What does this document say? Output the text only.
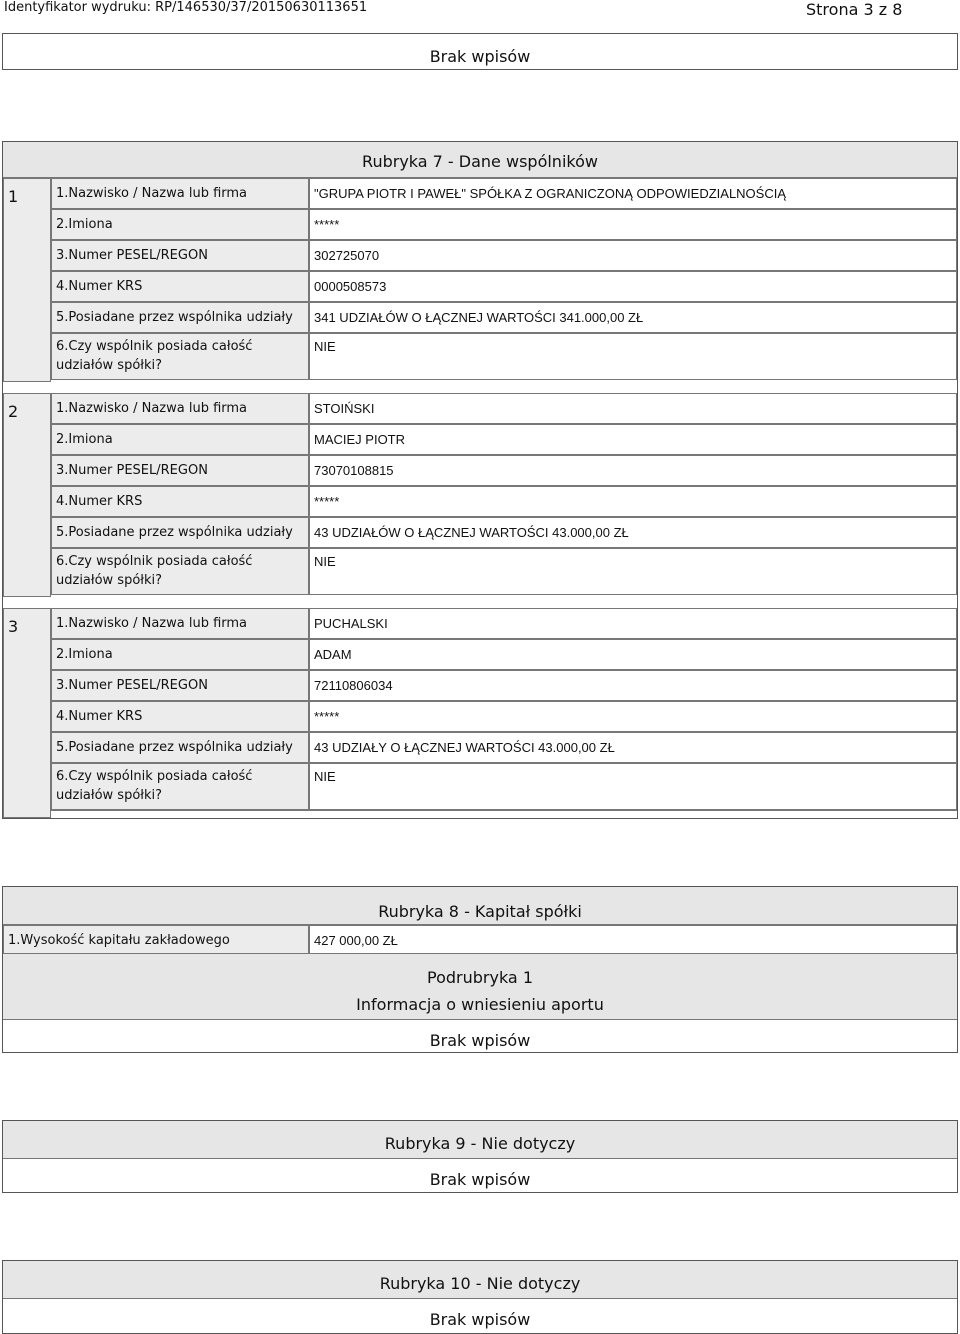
Identyfikator wydruku: RP/146530/37/20150630113651	Strona 3 z 8
Brak wpisów
Rubryka 7 - Dane wspólników
1	1.Nazwisko / Nazwa lub firma	"GRUPA PIOTR I PAWEŁ" SPÓŁKA Z OGRANICZONĄ ODPOWIEDZIALNOŚCIĄ
2.Imiona	*****
3.Numer PESEL/REGON	302725070
4.Numer KRS	0000508573
5.Posiadane przez wspólnika udziały	341 UDZIAŁÓW O ŁĄCZNEJ WARTOŚCI 341.000,00 ZŁ
6.Czy wspólnik posiada całość
udziałów spółki?
NIE
2	1.Nazwisko / Nazwa lub firma	STOIŃSKI
2.Imiona	MACIEJ PIOTR
3.Numer PESEL/REGON	73070108815
4.Numer KRS	*****
5.Posiadane przez wspólnika udziały	43 UDZIAŁÓW O ŁĄCZNEJ WARTOŚCI 43.000,00 ZŁ
6.Czy wspólnik posiada całość
udziałów spółki?
NIE
3	1.Nazwisko / Nazwa lub firma	PUCHALSKI
2.Imiona	ADAM
3.Numer PESEL/REGON	72110806034
4.Numer KRS	*****
5.Posiadane przez wspólnika udziały	43 UDZIAŁY O ŁĄCZNEJ WARTOŚCI 43.000,00 ZŁ
6.Czy wspólnik posiada całość
udziałów spółki?
NIE
Rubryka 8 - Kapitał spółki
1.Wysokość kapitału zakładowego	427 000,00 ZŁ
Podrubryka 1
Informacja o wniesieniu aportu
Brak wpisów
Rubryka 9 - Nie dotyczy
Brak wpisów
Rubryka 10 - Nie dotyczy
Brak wpisów
